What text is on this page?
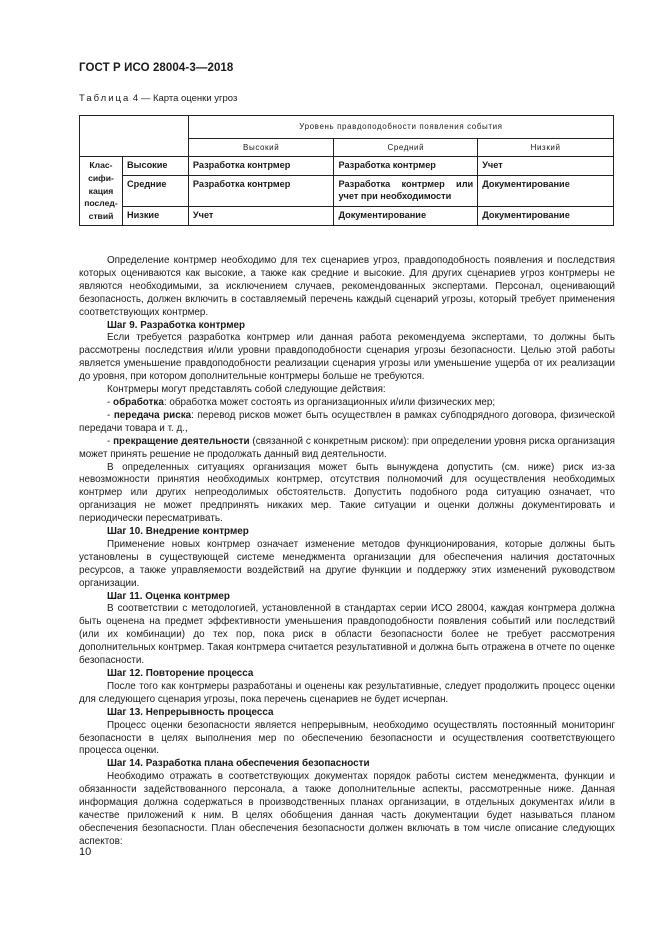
ГОСТ Р ИСО 28004-3—2018
Таблица 4 — Карта оценки угроз
		Уровень правдоподобности появления события		
		Высокий	Средний	Низкий

Клас-
сифи-
кация
послед-
ствий	Высокие	Разработка контрмер	Разработка контрмер	Учет
	Средние	Разработка контрмер	Разработка контрмер или учет при необходимости	Документирование
	Низкие	Учет	Документирование	Документирование

Определение контрмер необходимо для тех сценариев угроз, правдоподобность появления и последствия которых оцениваются как высокие, а также как средние и высокие. Для других сценариев угроз контрмеры не являются необходимыми, за исключением случаев, рекомендованных экспертами. Персонал, оценивающий безопасность, должен включить в составляемый перечень каждый сценарий угрозы, который требует применения соответствующих контрмер.

Шаг 9. Разработка контрмер

Если требуется разработка контрмер или данная работа рекомендуема экспертами, то должны быть рассмотрены последствия и/или уровни правдоподобности сценария угрозы безопасности. Целью этой работы является уменьшение правдоподобности реализации сценария угрозы или уменьшение ущерба от их реализации до уровня, при котором дополнительные контрмеры больше не требуются.

Контрмеры могут представлять собой следующие действия:

- обработка: обработка может состоять из организационных и/или физических мер;

- передача риска: перевод рисков может быть осуществлен в рамках субподрядного договора, физической передачи товара и т. д.,

- прекращение деятельности (связанной с конкретным риском): при определении уровня риска организация может принять решение не продолжать данный вид деятельности.

В определенных ситуациях организация может быть вынуждена допустить (см. ниже) риск из-за невозможности принятия необходимых контрмер, отсутствия полномочий для осуществления необходимых контрмер или других непреодолимых обстоятельств. Допустить подобного рода ситуацию означает, что организация не может предпринять никаких мер. Такие ситуации и оценки должны документировать и периодически пересматривать.

Шаг 10. Внедрение контрмер

Применение новых контрмер означает изменение методов функционирования, которые должны быть установлены в существующей системе менеджмента организации для обеспечения наличия достаточных ресурсов, а также управляемости воздействий на другие функции и поддержку этих изменений руководством организации.

Шаг 11. Оценка контрмер

В соответствии с методологией, установленной в стандартах серии ИСО 28004, каждая контрмера должна быть оценена на предмет эффективности уменьшения правдоподобности появления событий или последствий (или их комбинации) до тех пор, пока риск в области безопасности более не требует рассмотрения дополнительных контрмер. Такая контрмера считается результативной и должна быть отражена в отчете по оценке безопасности.

Шаг 12. Повторение процесса

После того как контрмеры разработаны и оценены как результативные, следует продолжить процесс оценки для следующего сценария угрозы, пока перечень сценариев не будет исчерпан.

Шаг 13. Непрерывность процесса

Процесс оценки безопасности является непрерывным, необходимо осуществлять постоянный мониторинг безопасности в целях выполнения мер по обеспечению безопасности и осуществления соответствующего процесса оценки.

Шаг 14. Разработка плана обеспечения безопасности

Необходимо отражать в соответствующих документах порядок работы систем менеджмента, функции и обязанности задействованного персонала, а также дополнительные аспекты, рассмотренные ниже. Данная информация должна содержаться в производственных планах организации, в отдельных документах и/или в качестве приложений к ним. В целях обобщения данная часть документации будет называться планом обеспечения безопасности. План обеспечения безопасности должен включать в том числе описание следующих аспектов:

10
